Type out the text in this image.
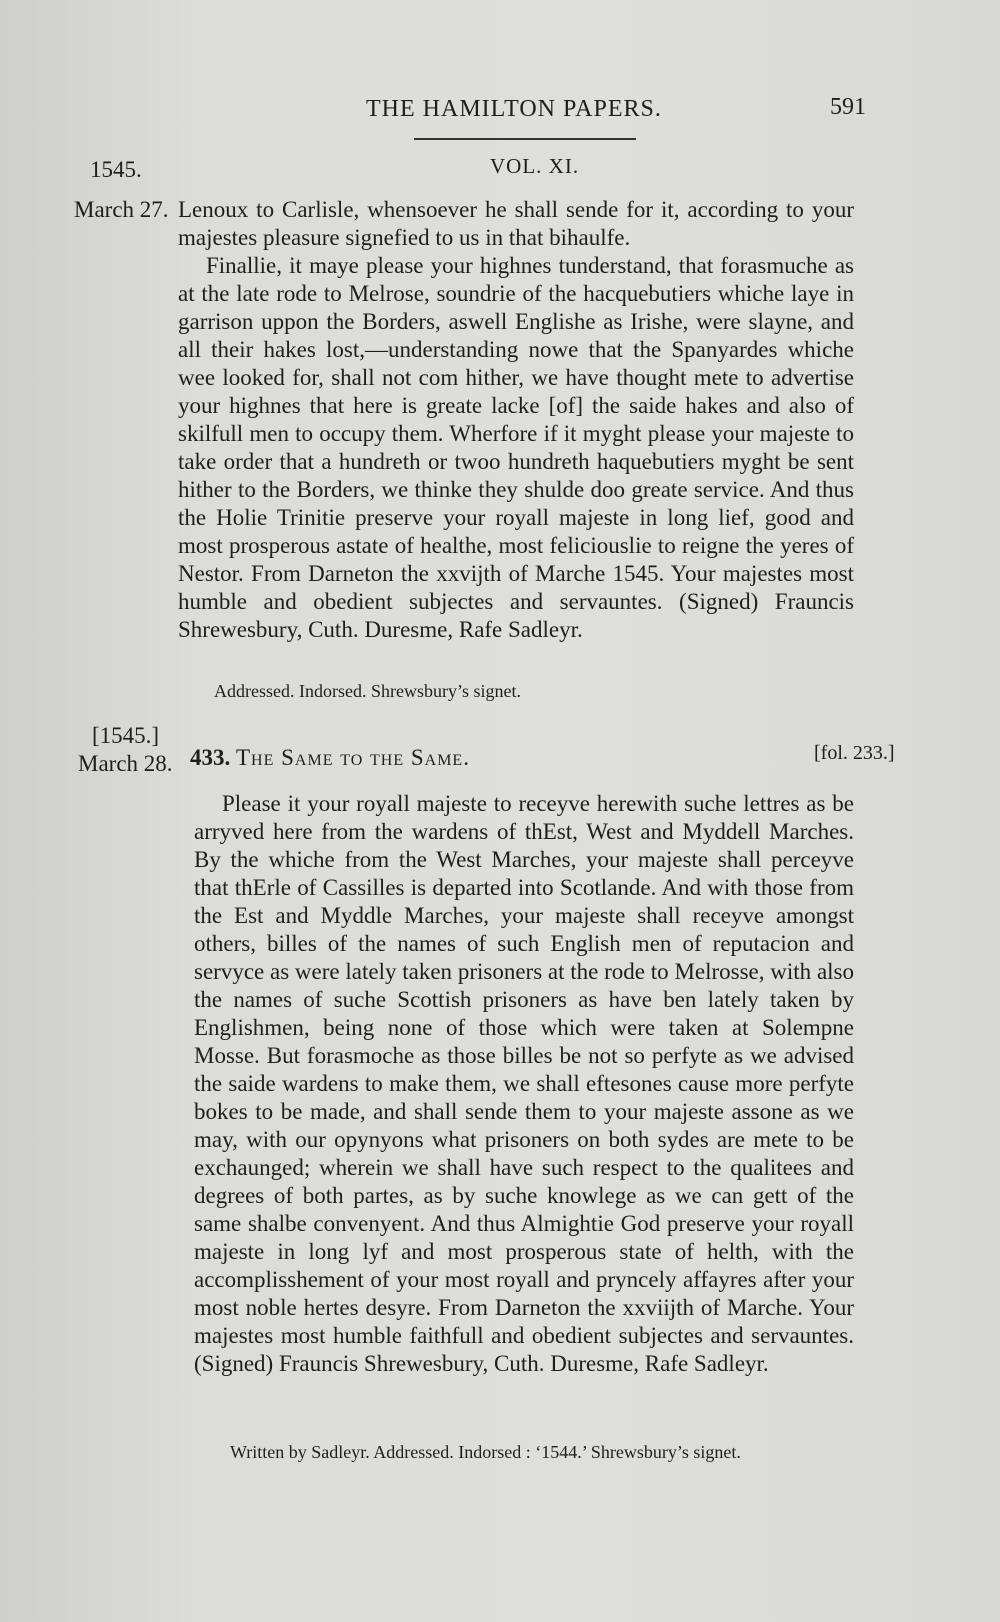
THE HAMILTON PAPERS.	591
1545.	VOL. XI.
March 27. Lenoux to Carlisle, whensoever he shall sende for it, according to your majestes pleasure signefied to us in that bihaulfe.

Finallie, it maye please your highnes tunderstand, that forasmuche as at the late rode to Melrose, soundrie of the hacquebutiers whiche laye in garrison uppon the Borders, aswell Englishe as Irishe, were slayne, and all their hakes lost,—understanding nowe that the Spanyardes whiche wee looked for, shall not com hither, we have thought mete to advertise your highnes that here is greate lacke [of] the saide hakes and also of skilfull men to occupy them. Wherfore if it myght please your majeste to take order that a hundreth or twoo hundreth haquebutiers myght be sent hither to the Borders, we thinke they shulde doo greate service. And thus the Holie Trinitie preserve your royall majeste in long lief, good and most prosperous astate of healthe, most feliciouslie to reigne the yeres of Nestor. From Darneton the xxvijth of Marche 1545. Your majestes most humble and obedient subjectes and servauntes. (Signed) Frauncis Shrewesbury, Cuth. Duresme, Rafe Sadleyr.

Addressed. Indorsed. Shrewsbury’s signet.
[1545.]
March 28. 433. The Same to the Same.	[fol. 233.]

Please it your royall majeste to receyve herewith suche lettres as be arryved here from the wardens of thEst, West and Myddell Marches. By the whiche from the West Marches, your majeste shall perceyve that thErle of Cassilles is departed into Scotlande. And with those from the Est and Myddle Marches, your majeste shall receyve amongst others, billes of the names of such English men of reputacion and servyce as were lately taken prisoners at the rode to Melrosse, with also the names of suche Scottish prisoners as have ben lately taken by Englishmen, being none of those which were taken at Solempne Mosse. But forasmoche as those billes be not so perfyte as we advised the saide wardens to make them, we shall eftesones cause more perfyte bokes to be made, and shall sende them to your majeste assone as we may, with our opynyons what prisoners on both sydes are mete to be exchaunged; wherein we shall have such respect to the qualitees and degrees of both partes, as by suche knowlege as we can gett of the same shalbe convenyent. And thus Almightie God preserve your royall majeste in long lyf and most prosperous state of helth, with the accomplisshement of your most royall and pryncely affayres after your most noble hertes desyre. From Darneton the xxviijth of Marche. Your majestes most humble faithfull and obedient subjectes and servauntes. (Signed) Frauncis Shrewesbury, Cuth. Duresme, Rafe Sadleyr.

Written by Sadleyr. Addressed. Indorsed : ‘1544.’ Shrewsbury’s signet.
